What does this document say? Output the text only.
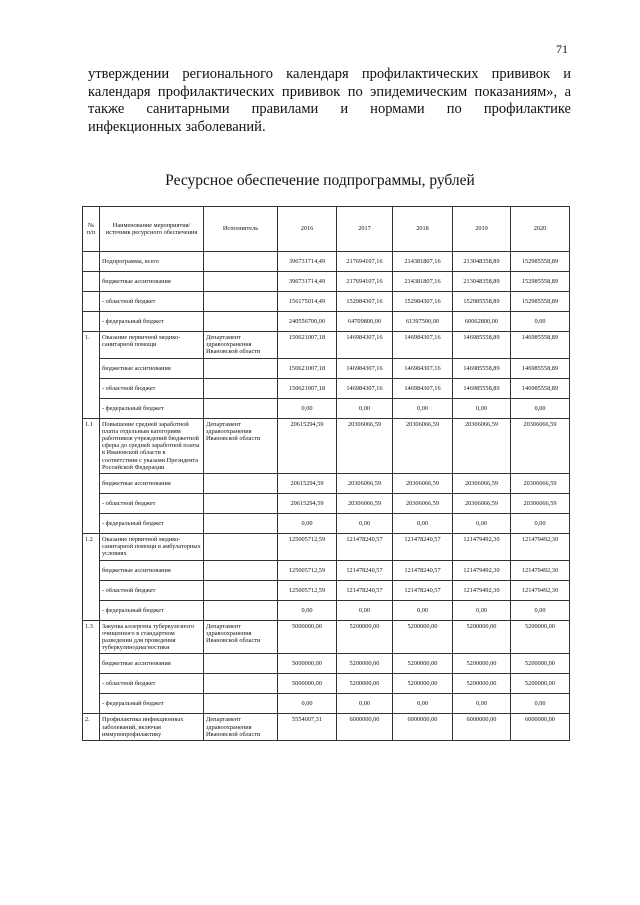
71
утверждении регионального календаря профилактических прививок и
календаря профилактических прививок по эпидемическим показаниям», а
также санитарными правилами и нормами по профилактике
инфекционных заболеваний.
Ресурсное обеспечение подпрограммы, рублей
№ п/п	Наименование мероприятия/источник ресурсного обеспечения	Исполнитель	2016	2017	2018	2019	2020
	Подпрограмма, всего		396731714,49	217694107,16	214381807,16	213048358,89	152985558,89
	бюджетные ассигнования		396731714,49	217694107,16	214381807,16	213048358,89	152985558,89
	- областной бюджет		156175014,49	152984307,16	152984307,16	152985558,89	152985558,89
	- федеральный бюджет		240556700,00	64709800,00	61397500,00	60062800,00	0,00
1.	Оказание первичной медико-санитарной помощи	Департамент здравоохранения Ивановской области	150621007,18	146984307,16	146984307,16	146985558,89	146985558,89
	бюджетные ассигнования		150621007,18	146984307,16	146984307,16	146985558,89	146985558,89
	- областной бюджет		150621007,18	146984307,16	146984307,16	146985558,89	146985558,89
	- федеральный бюджет		0,00	0,00	0,00	0,00	0,00
1.1	Повышение средней заработной платы отдельным категориям работников учреждений бюджетной сферы до средней заработной платы в Ивановской области в соответствии с указами Президента Российской Федерации	Департамент здравоохранения Ивановской области	20615294,59	20306066,59	20306066,59	20306066,59	20306066,59
	бюджетные ассигнования		20615294,59	20306066,59	20306066,59	20306066,59	20306066,59
	- областной бюджет		20615294,59	20306066,59	20306066,59	20306066,59	20306066,59
	- федеральный бюджет		0,00	0,00	0,00	0,00	0,00
1.2	Оказание первичной медико-санитарной помощи в амбулаторных условиях		125005712,59	121478240,57	121478240,57	121479492,30	121479492,30
	бюджетные ассигнования		125005712,59	121478240,57	121478240,57	121479492,30	121479492,30
	- областной бюджет		125005712,59	121478240,57	121478240,57	121479492,30	121479492,30
	- федеральный бюджет		0,00	0,00	0,00	0,00	0,00
1.3	Закупка аллергена туберкулезного очищенного в стандартном разведении для проведения туберкулинодиагностики	Департамент здравоохранения Ивановской области	5000000,00	5200000,00	5200000,00	5200000,00	5200000,00
	бюджетные ассигнования		5000000,00	5200000,00	5200000,00	5200000,00	5200000,00
	- областной бюджет		5000000,00	5200000,00	5200000,00	5200000,00	5200000,00
	- федеральный бюджет		0,00	0,00	0,00	0,00	0,00
2.	Профилактика инфекционных заболеваний, включая иммунопрофилактику	Департамент здравоохранения Ивановской области	5554007,31	6000000,00	6000000,00	6000000,00	6000000,00
